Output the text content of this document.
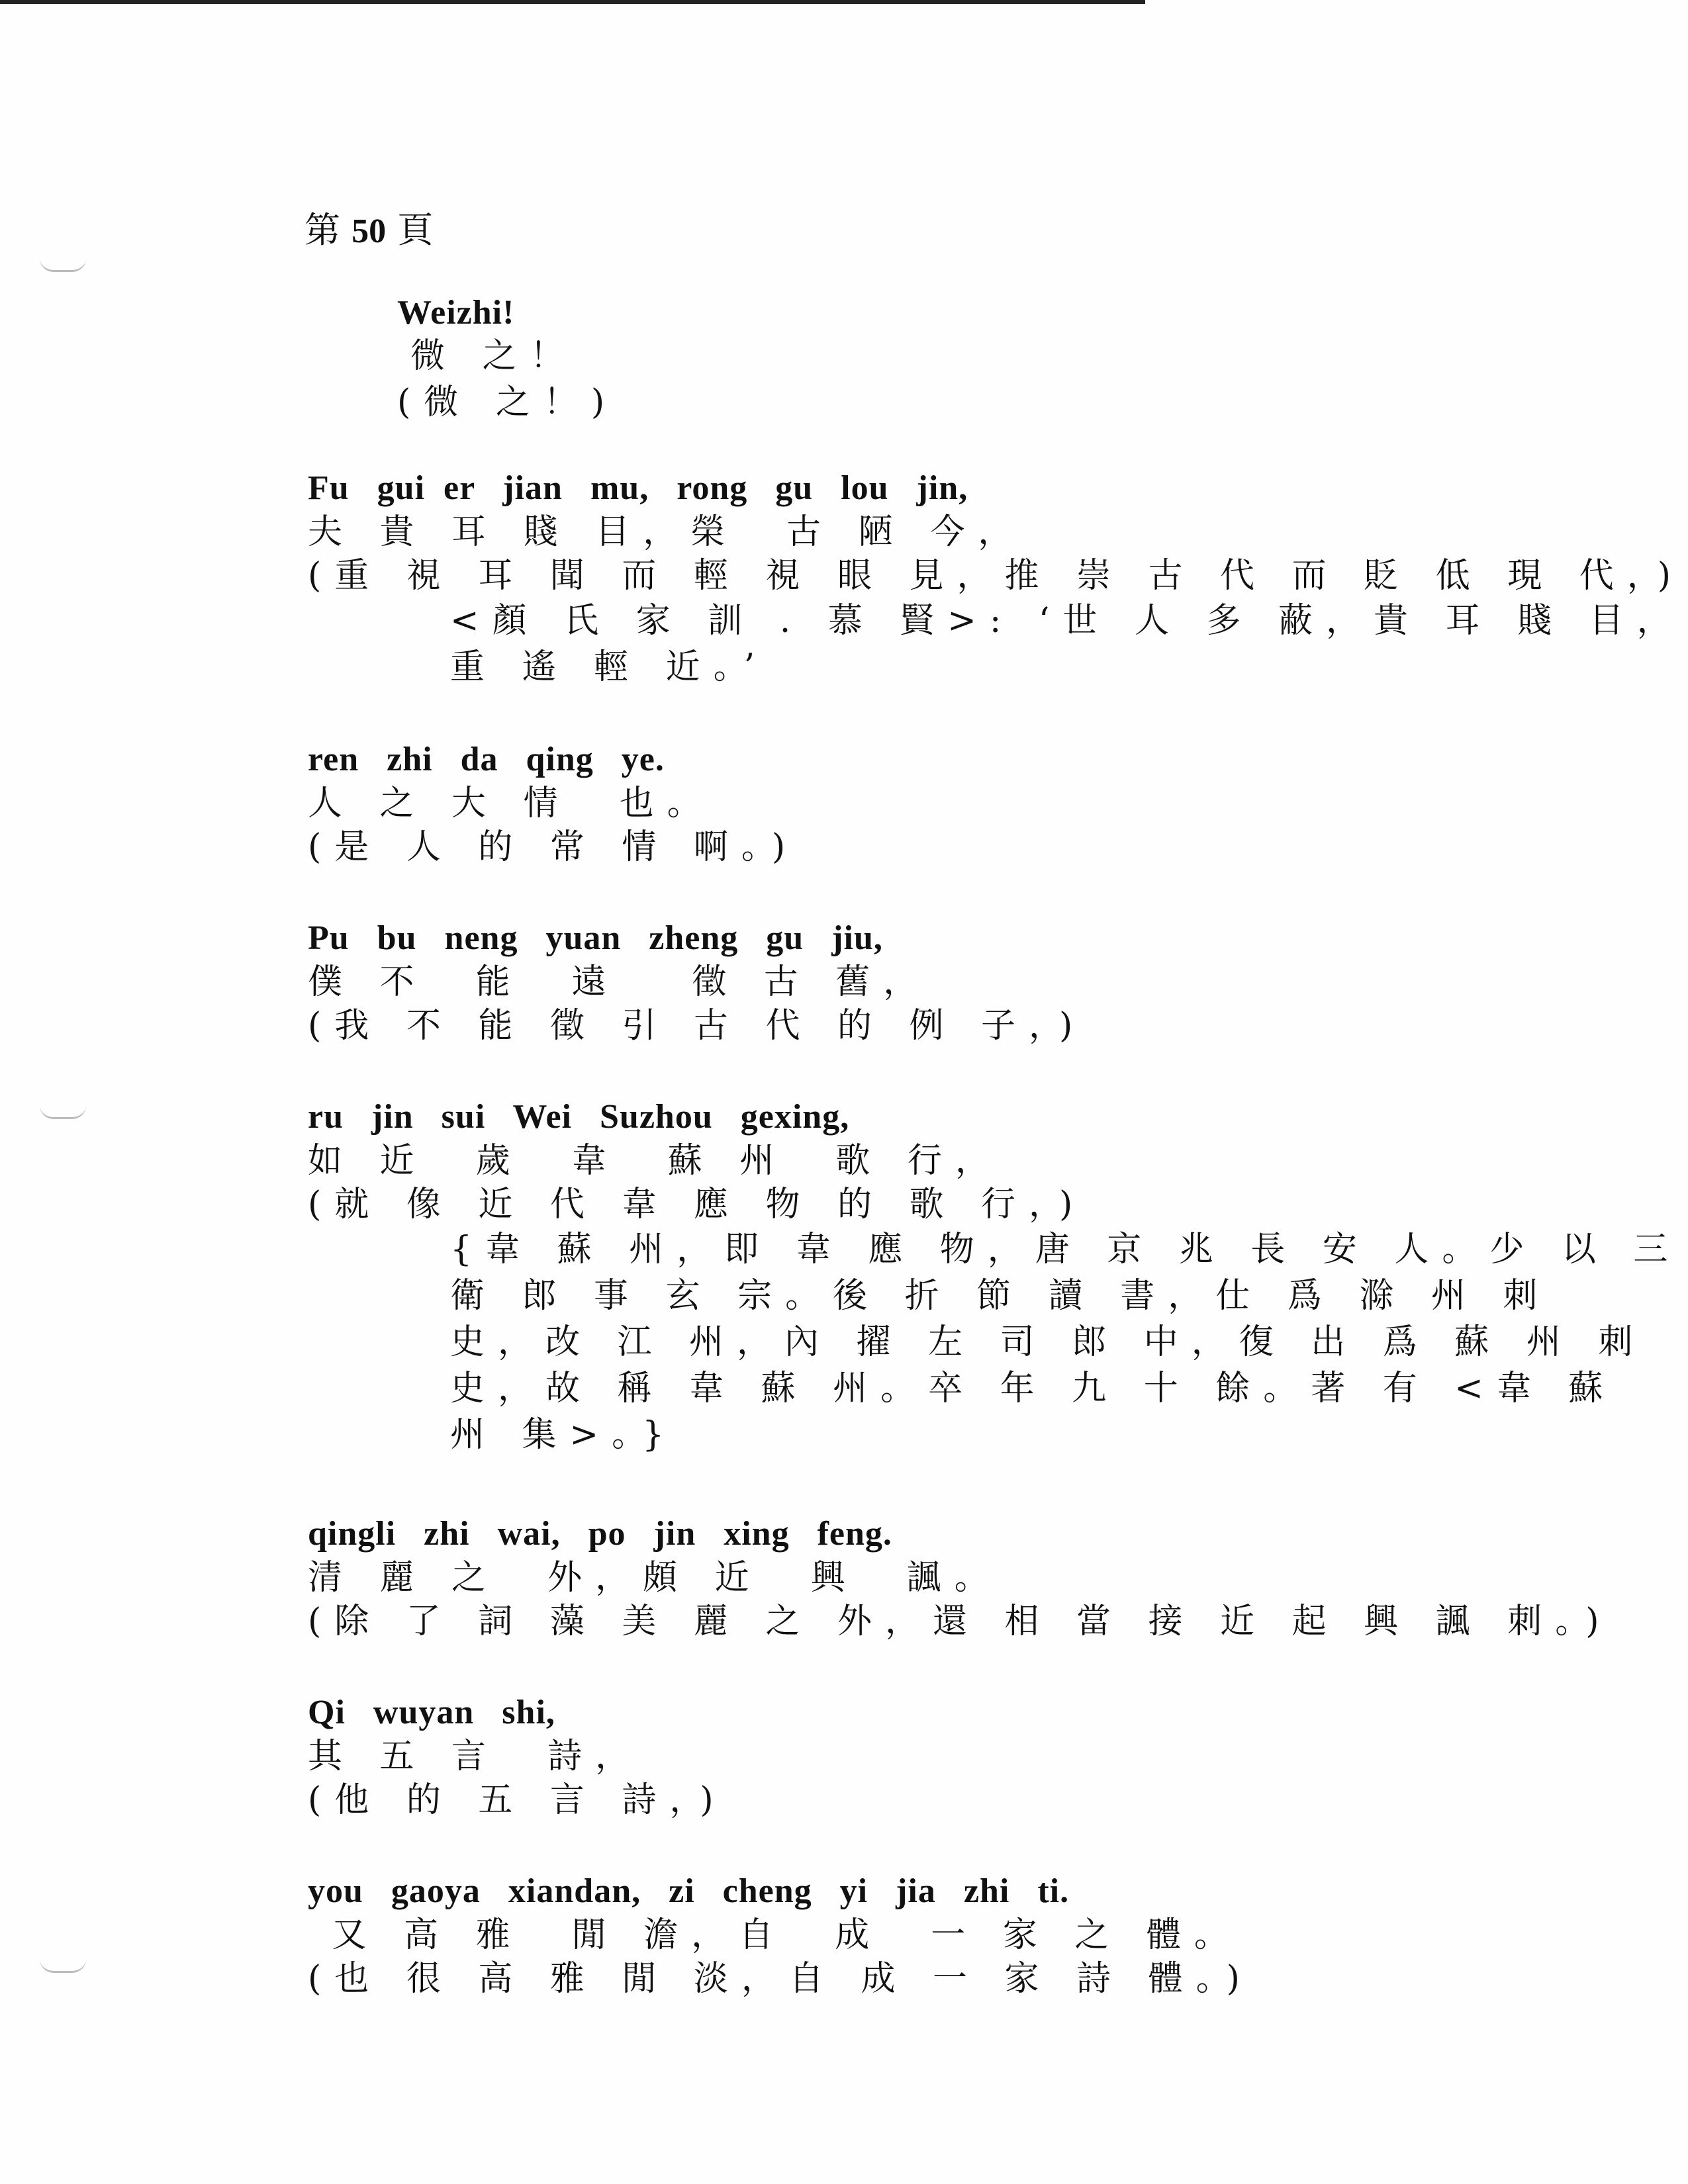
第 50 頁
Weizhi!
微 之！
(微 之！)
Fu   gui  er   jian   mu,   rong   gu   lou   jin,
夫 貴 耳 賤 目，榮  古 陋 今，
(重 視 耳 聞 而 輕 視 眼 見，推 崇 古 代 而 貶 低 現 代，)
<顏 氏 家 訓 . 慕 賢>: ‘世 人 多 蔽，貴 耳 賤 目，
重 遙 輕 近。’
ren   zhi   da   qing   ye.
人 之 大 情  也。
(是 人 的 常 情 啊。)
Pu   bu   neng   yuan   zheng   gu   jiu,
僕 不  能  遠   徵 古 舊，
(我 不 能 徵 引 古 代 的 例 子，)
ru   jin   sui   Wei   Suzhou   gexing,
如 近  歲  韋  蘇 州  歌 行，
(就 像 近 代 韋 應 物 的 歌 行，)
{韋 蘇 州，即 韋 應 物，唐 京 兆 長 安 人。少 以 三
衛 郎 事 玄 宗。後 折 節 讀 書，仕 爲 滁 州 刺
史，改 江 州，內 擢 左 司 郎 中，復 出 爲 蘇 州 刺
史，故 稱 韋 蘇 州。卒 年 九 十 餘。著 有 <韋 蘇
州 集>。}
qingli   zhi   wai,   po   jin   xing   feng.
清 麗 之  外，頗 近  興  諷。
(除 了 詞 藻 美 麗 之 外，還 相 當 接 近 起 興 諷 刺。)
Qi   wuyan   shi,
其 五 言  詩，
(他 的 五 言 詩，)
you   gaoya   xiandan,   zi   cheng   yi   jia   zhi   ti.
又 高 雅  閒 澹，自  成  一 家 之 體。
(也 很 高 雅 閒 淡，自 成 一 家 詩 體。)
